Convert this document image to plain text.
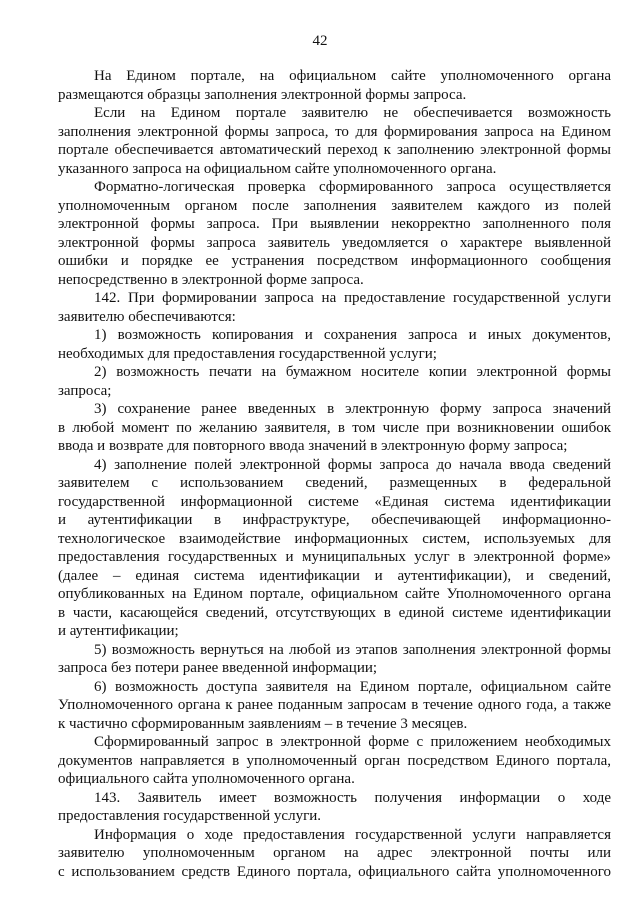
42
На Едином портале, на официальном сайте уполномоченного органа
размещаются образцы заполнения электронной формы запроса.
Если на Едином портале заявителю не обеспечивается возможность
заполнения электронной формы запроса, то для формирования запроса на Едином
портале обеспечивается автоматический переход к заполнению электронной формы
указанного запроса на официальном сайте уполномоченного органа.
Форматно-логическая проверка сформированного запроса осуществляется
уполномоченным органом после заполнения заявителем каждого из полей
электронной формы запроса. При выявлении некорректно заполненного поля
электронной формы запроса заявитель уведомляется о характере выявленной
ошибки и порядке ее устранения посредством информационного сообщения
непосредственно в электронной форме запроса.
142. При формировании запроса на предоставление государственной услуги
заявителю обеспечиваются:
1) возможность копирования и сохранения запроса и иных документов,
необходимых для предоставления государственной услуги;
2) возможность печати на бумажном носителе копии электронной формы
запроса;
3) сохранение ранее введенных в электронную форму запроса значений
в любой момент по желанию заявителя, в том числе при возникновении ошибок
ввода и возврате для повторного ввода значений в электронную форму запроса;
4) заполнение полей электронной формы запроса до начала ввода сведений
заявителем с использованием сведений, размещенных в федеральной
государственной информационной системе «Единая система идентификации
и аутентификации в инфраструктуре, обеспечивающей информационно-
технологическое взаимодействие информационных систем, используемых для
предоставления государственных и муниципальных услуг в электронной форме»
(далее – единая система идентификации и аутентификации), и сведений,
опубликованных на Едином портале, официальном сайте Уполномоченного органа
в части, касающейся сведений, отсутствующих в единой системе идентификации
и аутентификации;
5) возможность вернуться на любой из этапов заполнения электронной формы
запроса без потери ранее введенной информации;
6) возможность доступа заявителя на Едином портале, официальном сайте
Уполномоченного органа к ранее поданным запросам в течение одного года, а также
к частично сформированным заявлениям – в течение 3 месяцев.
Сформированный запрос в электронной форме с приложением необходимых
документов направляется в уполномоченный орган посредством Единого портала,
официального сайта уполномоченного органа.
143. Заявитель имеет возможность получения информации о ходе
предоставления государственной услуги.
Информация о ходе предоставления государственной услуги направляется
заявителю уполномоченным органом на адрес электронной почты или
с использованием средств Единого портала, официального сайта уполномоченного
